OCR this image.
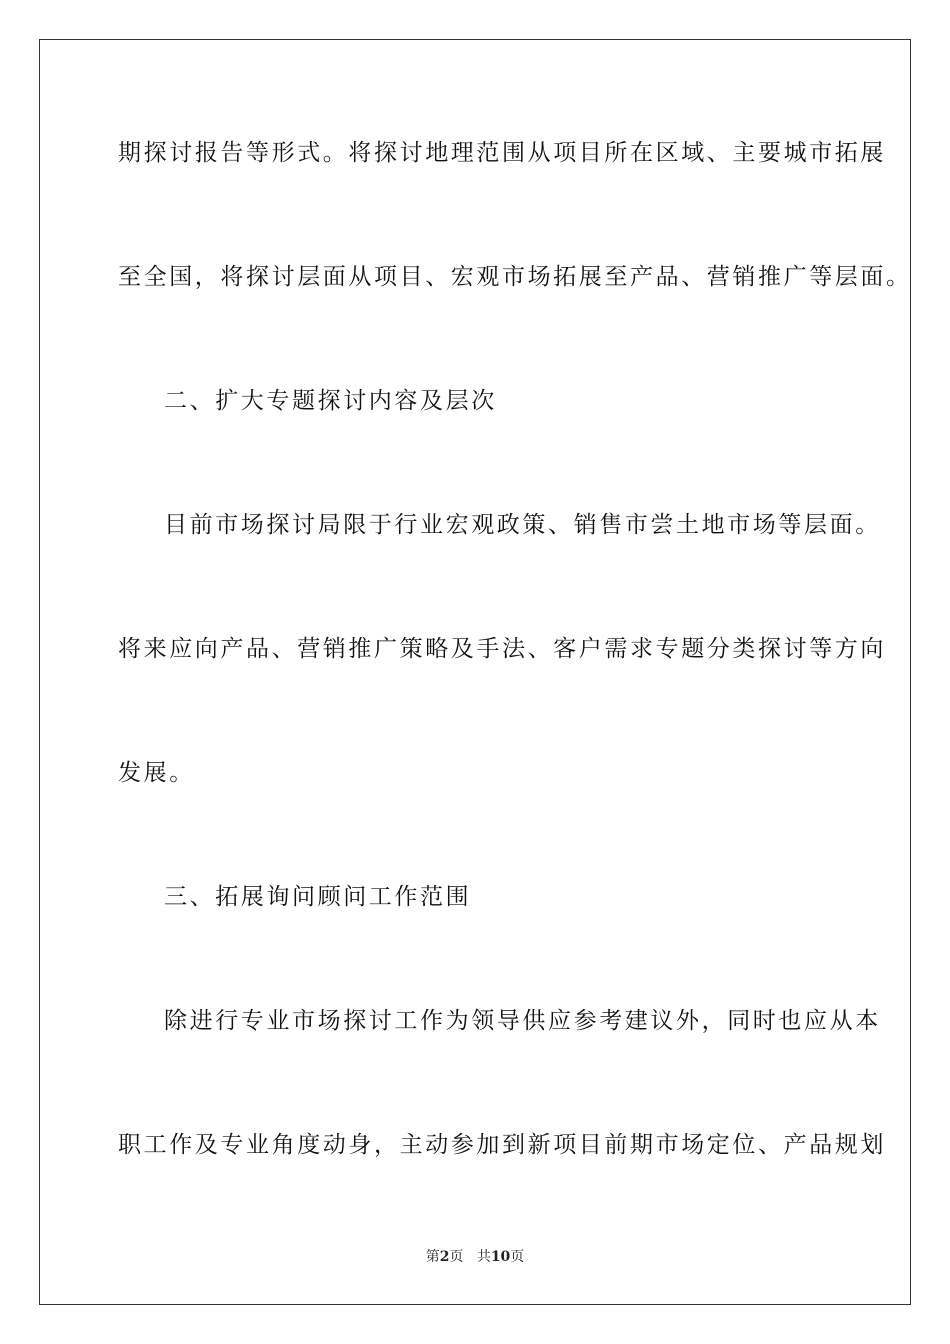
期探讨报告等形式。将探讨地理范围从项目所在区域、主要城市拓展
至全国，将探讨层面从项目、宏观市场拓展至产品、营销推广等层面。
二、扩大专题探讨内容及层次
目前市场探讨局限于行业宏观政策、销售市尝土地市场等层面。
将来应向产品、营销推广策略及手法、客户需求专题分类探讨等方向
发展。
三、拓展询问顾问工作范围
除进行专业市场探讨工作为领导供应参考建议外，同时也应从本
职工作及专业角度动身，主动参加到新项目前期市场定位、产品规划
第2页 共10页
